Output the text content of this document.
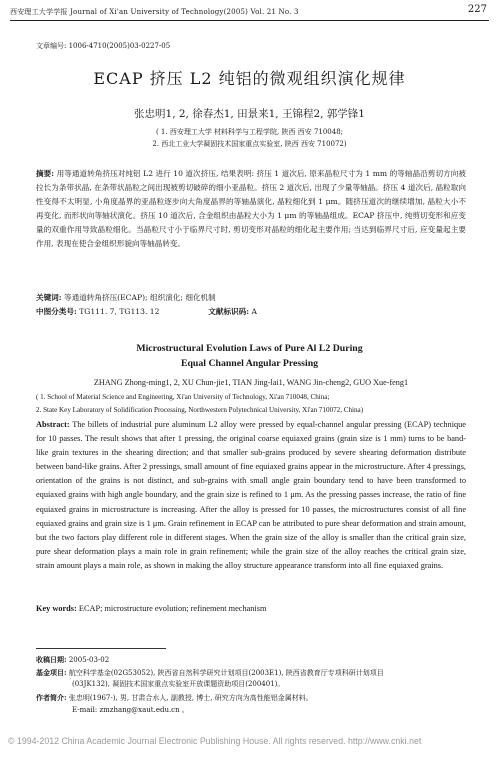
西安理工大学学报 Journal of Xi'an University of Technology(2005) Vol. 21 No. 3	227
文章编号: 1006-4710(2005)03-0227-05
ECAP 挤压 L2 纯铝的微观组织演化规律
张忠明1, 2, 徐春杰1, 田景来1, 王锦程2, 郭学锋1
( 1. 西安理工大学 材料科学与工程学院, 陕西 西安 710048;
2. 西北工业大学凝固技术国家重点实验室, 陕西 西安 710072)
摘要: 用等通道转角挤压对纯铝 L2 进行 10 道次挤压, 结果表明: 挤压 1 道次后, 原来晶粒尺寸为 1 mm 的等轴晶沿剪切方向被拉长为条带状晶, 在条带状晶粒之间出现被剪切破碎的细小亚晶粒。挤压 2 道次后, 出现了少量等轴晶。挤压 4 道次后, 晶粒取向性变得不太明显, 小角度晶界的亚晶粒逐步向大角度晶界的等轴晶演化, 晶粒细化到 1 μm。随挤压道次的继续增加, 晶粒大小不再变化, 而形状向等轴状演化。挤压 10 道次后, 合金组织由晶粒大小为 1 μm 的等轴晶组成。ECAP 挤压中, 纯剪切变形和应变量的双重作用导致晶粒细化。当晶粒尺寸小于临界尺寸时, 剪切变形对晶粒的细化起主要作用; 当达到临界尺寸后, 应变量起主要作用, 表现在使合金组织形貌向等轴晶转变。
关键词: 等通道转角挤压(ECAP); 组织演化; 细化机制
中图分类号: TG111. 7, TG113. 12	文献标识码: A
Microstructural Evolution Laws of Pure Al L2 During
Equal Channel Angular Pressing
ZHANG Zhong-ming1, 2, XU Chun-jie1, TIAN Jing-lai1, WANG Jin-cheng2, GUO Xue-feng1
( 1. School of Material Science and Engineering, Xi'an University of Technology, Xi'an 710048, China;
2. State Key Laboratory of Solidification Processing, Northwestern Polytechnical University, Xi'an 710072, China)
Abstract: The billets of industrial pure aluminum L2 alloy were pressed by equal-channel angular pressing (ECAP) technique for 10 passes. The result shows that after 1 pressing, the original coarse equiaxed grains (grain size is 1 mm) turns to be band-like grain textures in the shearing direction; and that smaller sub-grains produced by severe shearing deformation distribute between band-like grains. After 2 pressings, small amount of fine equiaxed grains appear in the microstructure. After 4 pressings, orientation of the grains is not distinct, and sub-grains with small angle grain boundary tend to have been transformed to equiaxed grains with high angle boundary, and the grain size is refined to 1 μm. As the pressing passes increase, the ratio of fine equiaxed grains in microstructure is increasing. After the alloy is pressed for 10 passes, the microstructures consist of all fine equiaxed grains and grain size is 1 μm. Grain refinement in ECAP can be attributed to pure shear deformation and strain amount, but the two factors play different role in different stages. When the grain size of the alloy is smaller than the critical grain size, pure shear deformation plays a main role in grain refinement; while the grain size of the alloy reaches the critical grain size, strain amount plays a main role, as shown in making the alloy structure appearance transform into all fine equiaxed grains.
Key words: ECAP; microstructure evolution; refinement mechanism
收稿日期: 2005-03-02
基金项目: 航空科学基金(02G53052), 陕西省自然科学研究计划项目(2003E1), 陕西省教育厅专项科研计划项目
(03JK132), 凝固技术国家重点实验室开放课题资助项目(200401)。
作者简介: 张忠明(1967-), 男, 甘肃合水人, 副教授, 博士, 研究方向为高性能铝金属材料。
E-mail: zmzhang@xaut.edu.cn 。
© 1994-2012 China Academic Journal Electronic Publishing House. All rights reserved. http://www.cnki.net
